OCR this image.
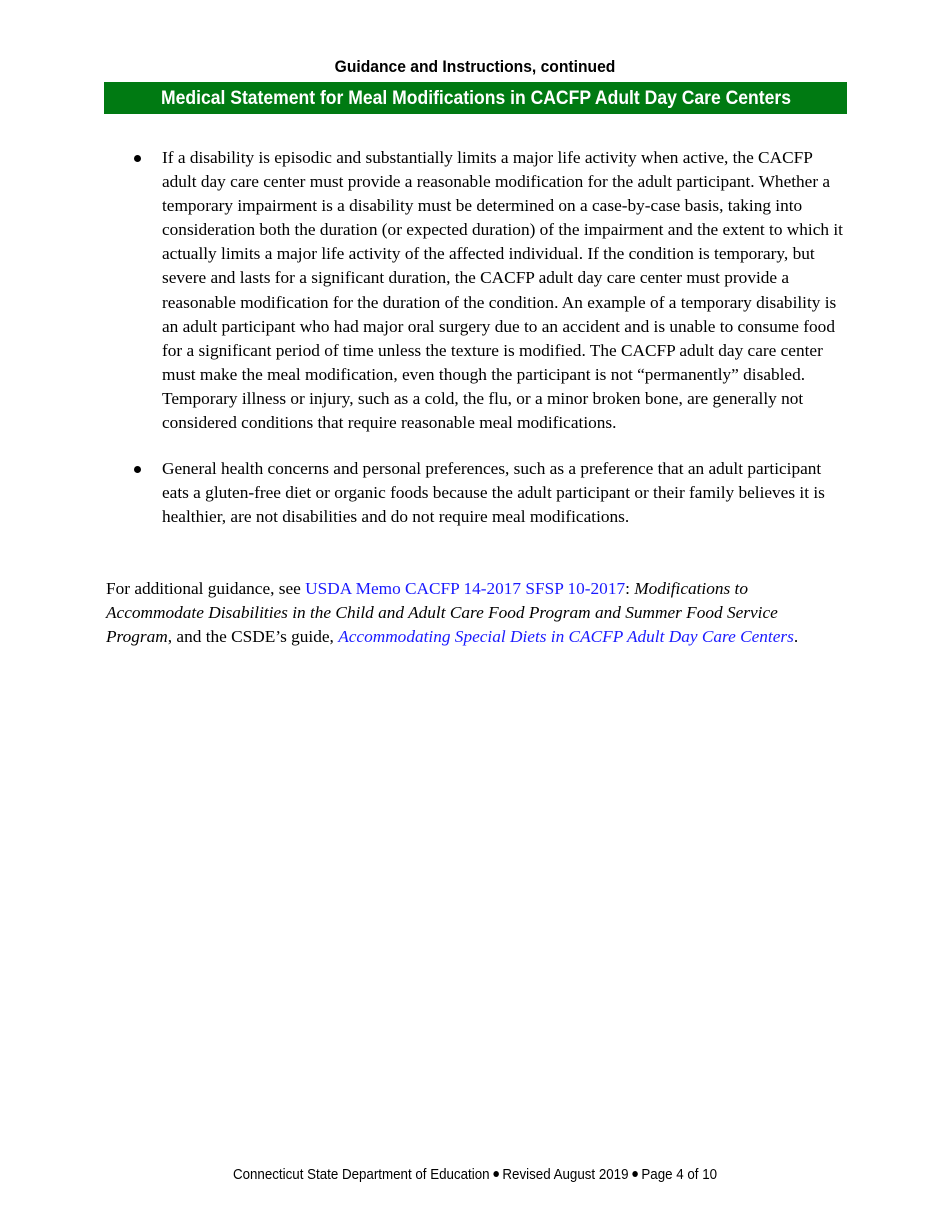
Guidance and Instructions, continued
Medical Statement for Meal Modifications in CACFP Adult Day Care Centers
If a disability is episodic and substantially limits a major life activity when active, the CACFP adult day care center must provide a reasonable modification for the adult participant. Whether a temporary impairment is a disability must be determined on a case-by-case basis, taking into consideration both the duration (or expected duration) of the impairment and the extent to which it actually limits a major life activity of the affected individual. If the condition is temporary, but severe and lasts for a significant duration, the CACFP adult day care center must provide a reasonable modification for the duration of the condition. An example of a temporary disability is an adult participant who had major oral surgery due to an accident and is unable to consume food for a significant period of time unless the texture is modified. The CACFP adult day care center must make the meal modification, even though the participant is not “permanently” disabled. Temporary illness or injury, such as a cold, the flu, or a minor broken bone, are generally not considered conditions that require reasonable meal modifications.
General health concerns and personal preferences, such as a preference that an adult participant eats a gluten-free diet or organic foods because the adult participant or their family believes it is healthier, are not disabilities and do not require meal modifications.

For additional guidance, see USDA Memo CACFP 14-2017 SFSP 10-2017: Modifications to Accommodate Disabilities in the Child and Adult Care Food Program and Summer Food Service Program, and the CSDE’s guide, Accommodating Special Diets in CACFP Adult Day Care Centers.

Connecticut State Department of Education Revised August 2019 Page 4 of 10
